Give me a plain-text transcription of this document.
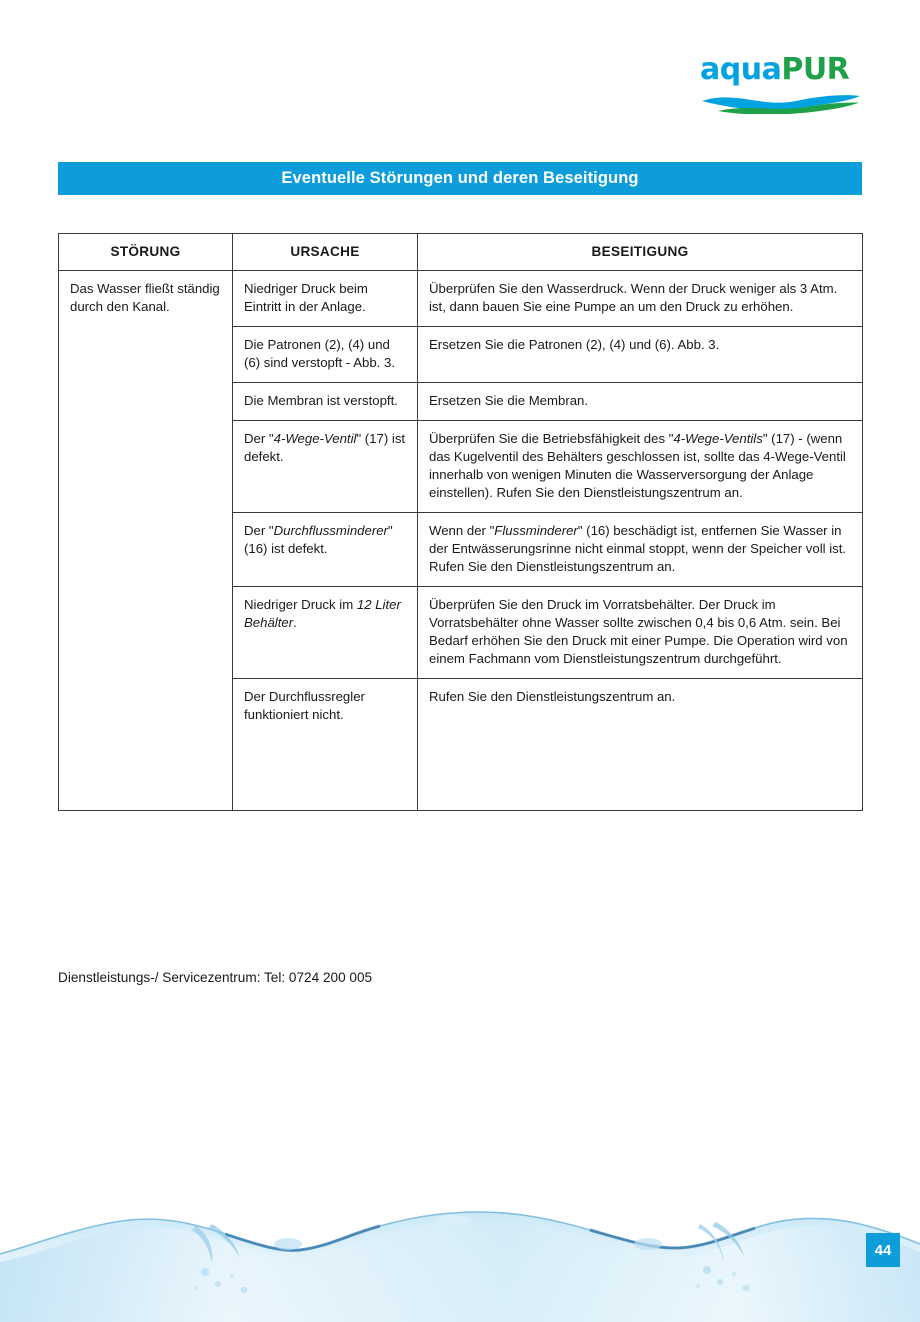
aquaPUR
Eventuelle Störungen und deren Beseitigung
STÖRUNG	URSACHE	BESEITIGUNG
Das Wasser fließt ständig durch den Kanal.	Niedriger Druck beim Eintritt in der Anlage.	Überprüfen Sie den Wasserdruck. Wenn der Druck weniger als 3 Atm. ist, dann bauen Sie eine Pumpe an um den Druck zu erhöhen.
	Die Patronen (2), (4) und (6) sind verstopft - Abb. 3.	Ersetzen Sie die Patronen (2), (4) und (6). Abb. 3.
	Die Membran ist verstopft.	Ersetzen Sie die Membran.
	Der "4-Wege-Ventil" (17) ist defekt.	Überprüfen Sie die Betriebsfähigkeit des "4-Wege-Ventils" (17) - (wenn das Kugelventil des Behälters geschlossen ist, sollte das 4-Wege-Ventil innerhalb von wenigen Minuten die Wasserversorgung der Anlage einstellen). Rufen Sie den Dienstleistungszentrum an.
	Der "Durchflussminderer" (16) ist defekt.	Wenn der "Flussminderer" (16) beschädigt ist, entfernen Sie Wasser in der Entwässerungsrinne nicht einmal stoppt, wenn der Speicher voll ist. Rufen Sie den Dienstleistungszentrum an.
	Niedriger Druck im 12 Liter Behälter.	Überprüfen Sie den Druck im Vorratsbehälter. Der Druck im Vorratsbehälter ohne Wasser sollte zwischen 0,4 bis 0,6 Atm. sein. Bei Bedarf erhöhen Sie den Druck mit einer Pumpe. Die Operation wird von einem Fachmann vom Dienstleistungszentrum durchgeführt.
	Der Durchflussregler funktioniert nicht.	Rufen Sie den Dienstleistungszentrum an.
Dienstleistungs-/ Servicezentrum: Tel: 0724 200 005
44
